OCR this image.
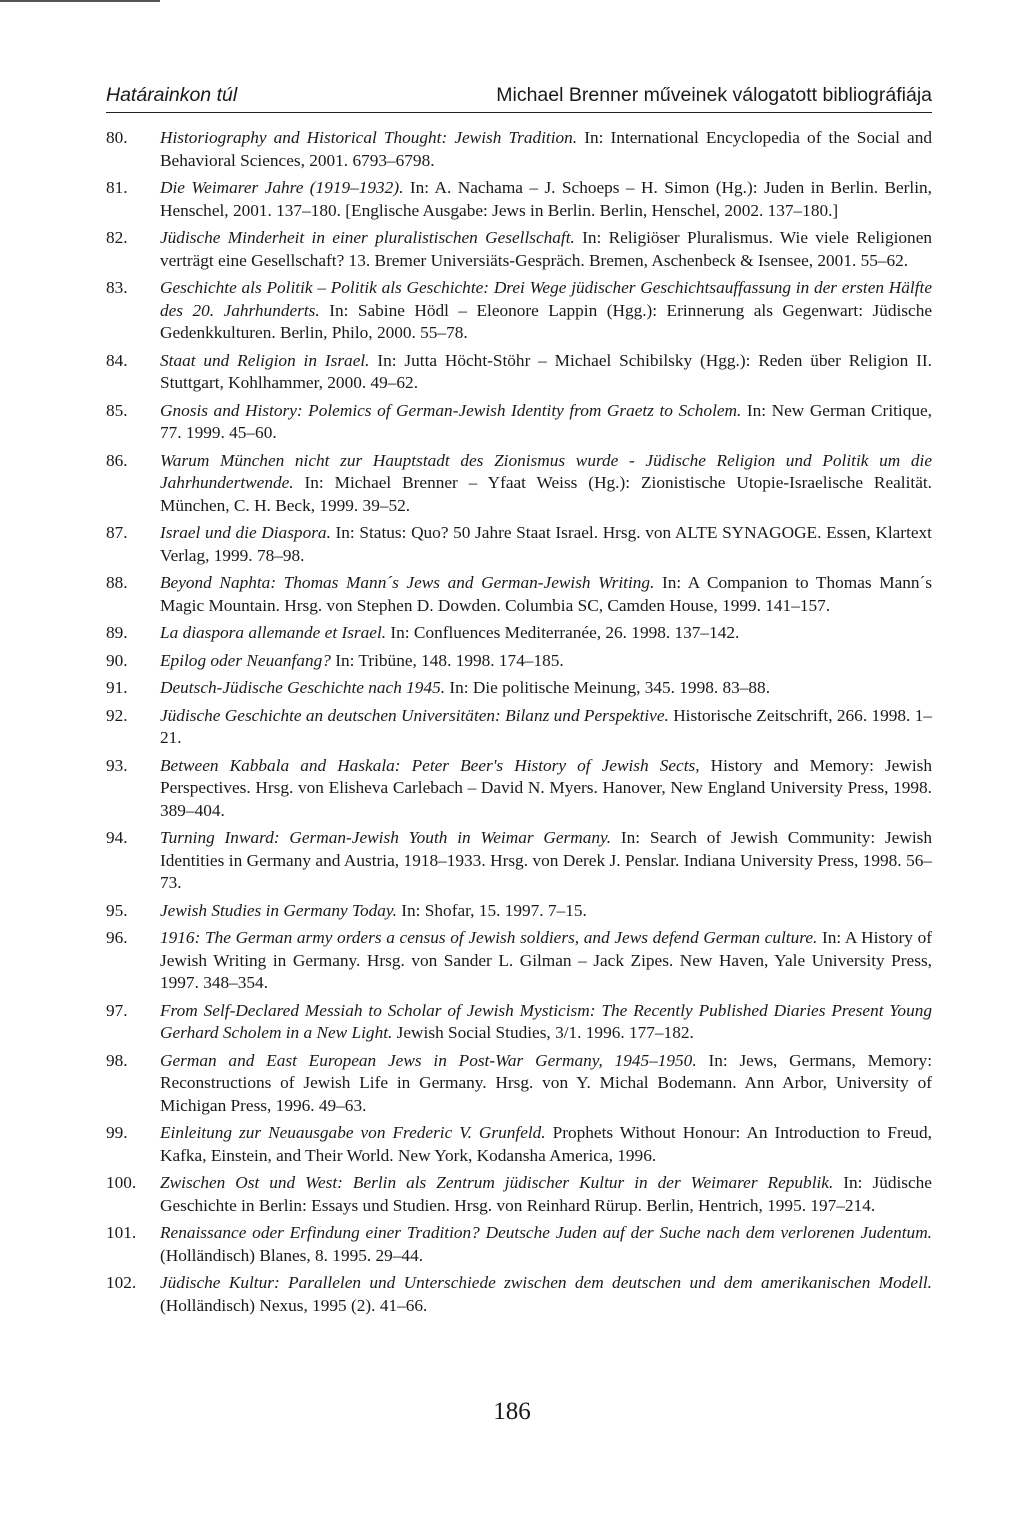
Határainkon túl	Michael Brenner műveinek válogatott bibliográfiája
80. Historiography and Historical Thought: Jewish Tradition. In: International Encyclopedia of the Social and Behavioral Sciences, 2001. 6793–6798.
81. Die Weimarer Jahre (1919–1932). In: A. Nachama – J. Schoeps – H. Simon (Hg.): Juden in Berlin. Berlin, Henschel, 2001. 137–180. [Englische Ausgabe: Jews in Berlin. Berlin, Henschel, 2002. 137–180.]
82. Jüdische Minderheit in einer pluralistischen Gesellschaft. In: Religiöser Pluralismus. Wie viele Religionen verträgt eine Gesellschaft? 13. Bremer Universiäts-Gespräch. Bremen, Aschenbeck & Isensee, 2001. 55–62.
83. Geschichte als Politik – Politik als Geschichte: Drei Wege jüdischer Geschichtsauffassung in der ersten Hälfte des 20. Jahrhunderts. In: Sabine Hödl – Eleonore Lappin (Hgg.): Erinnerung als Gegenwart: Jüdische Gedenkkulturen. Berlin, Philo, 2000. 55–78.
84. Staat und Religion in Israel. In: Jutta Höcht-Stöhr – Michael Schibilsky (Hgg.): Reden über Religion II. Stuttgart, Kohlhammer, 2000. 49–62.
85. Gnosis and History: Polemics of German-Jewish Identity from Graetz to Scholem. In: New German Critique, 77. 1999. 45–60.
86. Warum München nicht zur Hauptstadt des Zionismus wurde - Jüdische Religion und Politik um die Jahrhundertwende. In: Michael Brenner – Yfaat Weiss (Hg.): Zionistische Utopie-Israelische Realität. München, C. H. Beck, 1999. 39–52.
87. Israel und die Diaspora. In: Status: Quo? 50 Jahre Staat Israel. Hrsg. von ALTE SYNAGOGE. Essen, Klartext Verlag, 1999. 78–98.
88. Beyond Naphta: Thomas Mann´s Jews and German-Jewish Writing. In: A Companion to Thomas Mann´s Magic Mountain. Hrsg. von Stephen D. Dowden. Columbia SC, Camden House, 1999. 141–157.
89. La diaspora allemande et Israel. In: Confluences Mediterranée, 26. 1998. 137–142.
90. Epilog oder Neuanfang? In: Tribüne, 148. 1998. 174–185.
91. Deutsch-Jüdische Geschichte nach 1945. In: Die politische Meinung, 345. 1998. 83–88.
92. Jüdische Geschichte an deutschen Universitäten: Bilanz und Perspektive. Historische Zeitschrift, 266. 1998. 1–21.
93. Between Kabbala and Haskala: Peter Beer's History of Jewish Sects, History and Memory: Jewish Perspectives. Hrsg. von Elisheva Carlebach – David N. Myers. Hanover, New England University Press, 1998. 389–404.
94. Turning Inward: German-Jewish Youth in Weimar Germany. In: Search of Jewish Community: Jewish Identities in Germany and Austria, 1918–1933. Hrsg. von Derek J. Penslar. Indiana University Press, 1998. 56–73.
95. Jewish Studies in Germany Today. In: Shofar, 15. 1997. 7–15.
96. 1916: The German army orders a census of Jewish soldiers, and Jews defend German culture. In: A History of Jewish Writing in Germany. Hrsg. von Sander L. Gilman – Jack Zipes. New Haven, Yale University Press, 1997. 348–354.
97. From Self-Declared Messiah to Scholar of Jewish Mysticism: The Recently Published Diaries Present Young Gerhard Scholem in a New Light. Jewish Social Studies, 3/1. 1996. 177–182.
98. German and East European Jews in Post-War Germany, 1945–1950. In: Jews, Germans, Memory: Reconstructions of Jewish Life in Germany. Hrsg. von Y. Michal Bodemann. Ann Arbor, University of Michigan Press, 1996. 49–63.
99. Einleitung zur Neuausgabe von Frederic V. Grunfeld. Prophets Without Honour: An Introduction to Freud, Kafka, Einstein, and Their World. New York, Kodansha America, 1996.
100. Zwischen Ost und West: Berlin als Zentrum jüdischer Kultur in der Weimarer Republik. In: Jüdische Geschichte in Berlin: Essays und Studien. Hrsg. von Reinhard Rürup. Berlin, Hentrich, 1995. 197–214.
101. Renaissance oder Erfindung einer Tradition? Deutsche Juden auf der Suche nach dem verlorenen Judentum. (Holländisch) Blanes, 8. 1995. 29–44.
102. Jüdische Kultur: Parallelen und Unterschiede zwischen dem deutschen und dem amerikanischen Modell. (Holländisch) Nexus, 1995 (2). 41–66.
186
